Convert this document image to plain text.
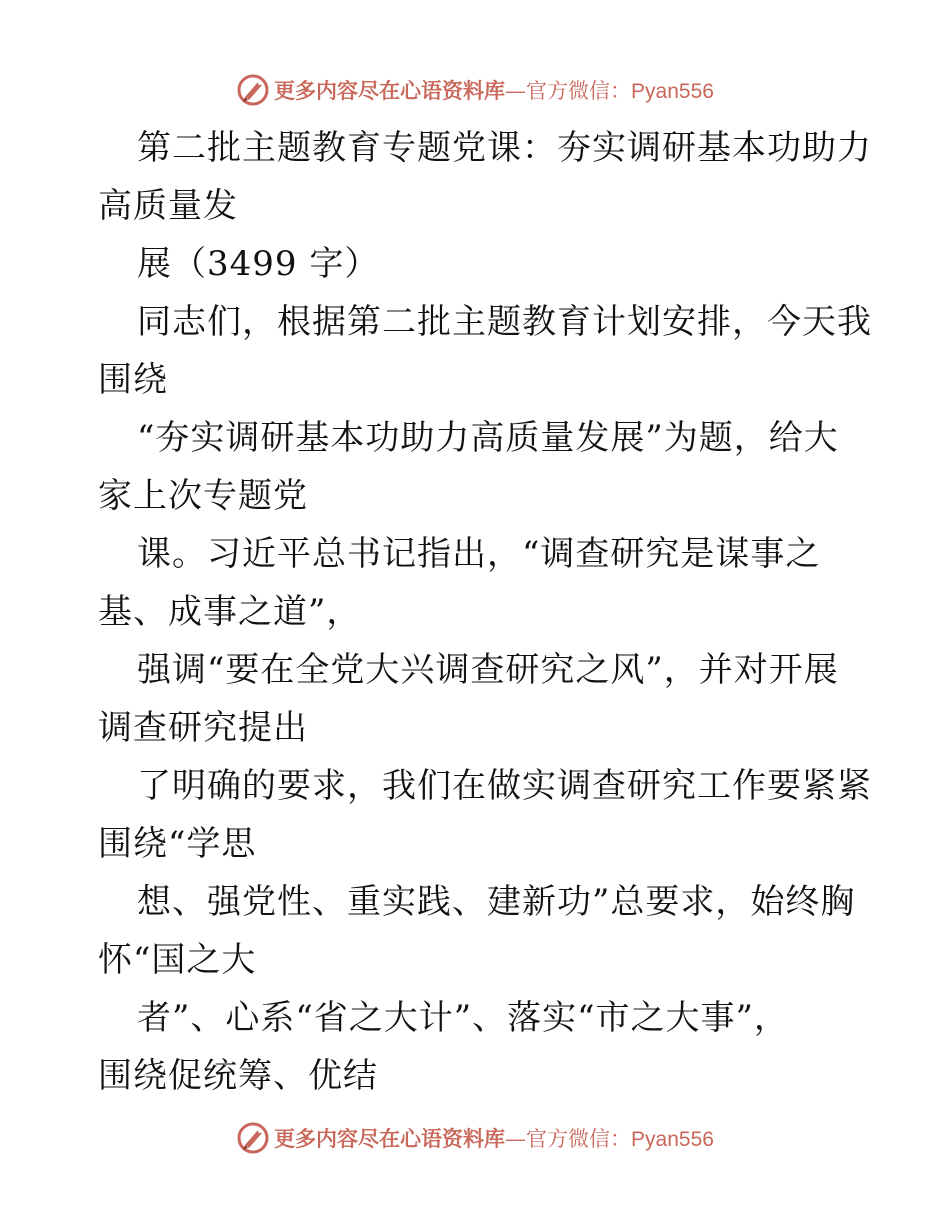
更多内容尽在心语资料库—官方微信：Pyan556
第二批主题教育专题党课：夯实调研基本功助力
高质量发
展（3499 字）
同志们，根据第二批主题教育计划安排，今天我
围绕
“夯实调研基本功助力高质量发展”为题，给大
家上次专题党
课。习近平总书记指出，“调查研究是谋事之
基、成事之道”，
强调“要在全党大兴调查研究之风”，并对开展
调查研究提出
了明确的要求，我们在做实调查研究工作要紧紧
围绕“学思
想、强党性、重实践、建新功”总要求，始终胸
怀“国之大
者”、心系“省之大计”、落实“市之大事”，
围绕促统筹、优结
更多内容尽在心语资料库—官方微信：Pyan556
